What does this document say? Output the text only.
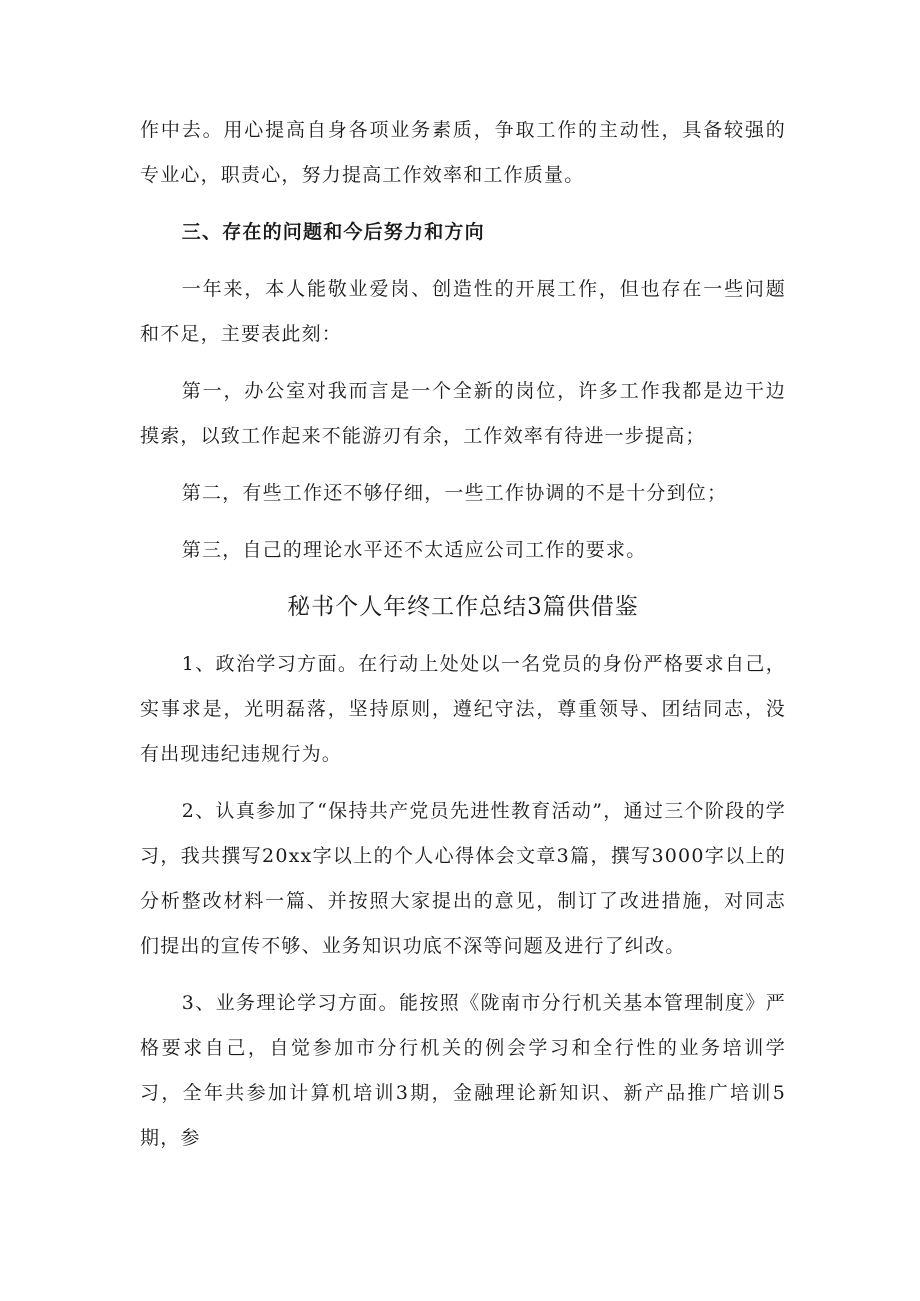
作中去。用心提高自身各项业务素质，争取工作的主动性，具备较强的专业心，职责心，努力提高工作效率和工作质量。

三、存在的问题和今后努力和方向

一年来，本人能敬业爱岗、创造性的开展工作，但也存在一些问题和不足，主要表此刻：

第一，办公室对我而言是一个全新的岗位，许多工作我都是边干边摸索，以致工作起来不能游刃有余，工作效率有待进一步提高；

第二，有些工作还不够仔细，一些工作协调的不是十分到位；

第三，自己的理论水平还不太适应公司工作的要求。

秘书个人年终工作总结3篇供借鉴

1、政治学习方面。在行动上处处以一名党员的身份严格要求自己，实事求是，光明磊落，坚持原则，遵纪守法，尊重领导、团结同志，没有出现违纪违规行为。

2、认真参加了“保持共产党员先进性教育活动”，通过三个阶段的学习，我共撰写20xx字以上的个人心得体会文章3篇，撰写3000字以上的分析整改材料一篇、并按照大家提出的意见，制订了改进措施，对同志们提出的宣传不够、业务知识功底不深等问题及进行了纠改。

3、业务理论学习方面。能按照《陇南市分行机关基本管理制度》严格要求自己，自觉参加市分行机关的例会学习和全行性的业务培训学习，全年共参加计算机培训3期，金融理论新知识、新产品推广培训5期，参
